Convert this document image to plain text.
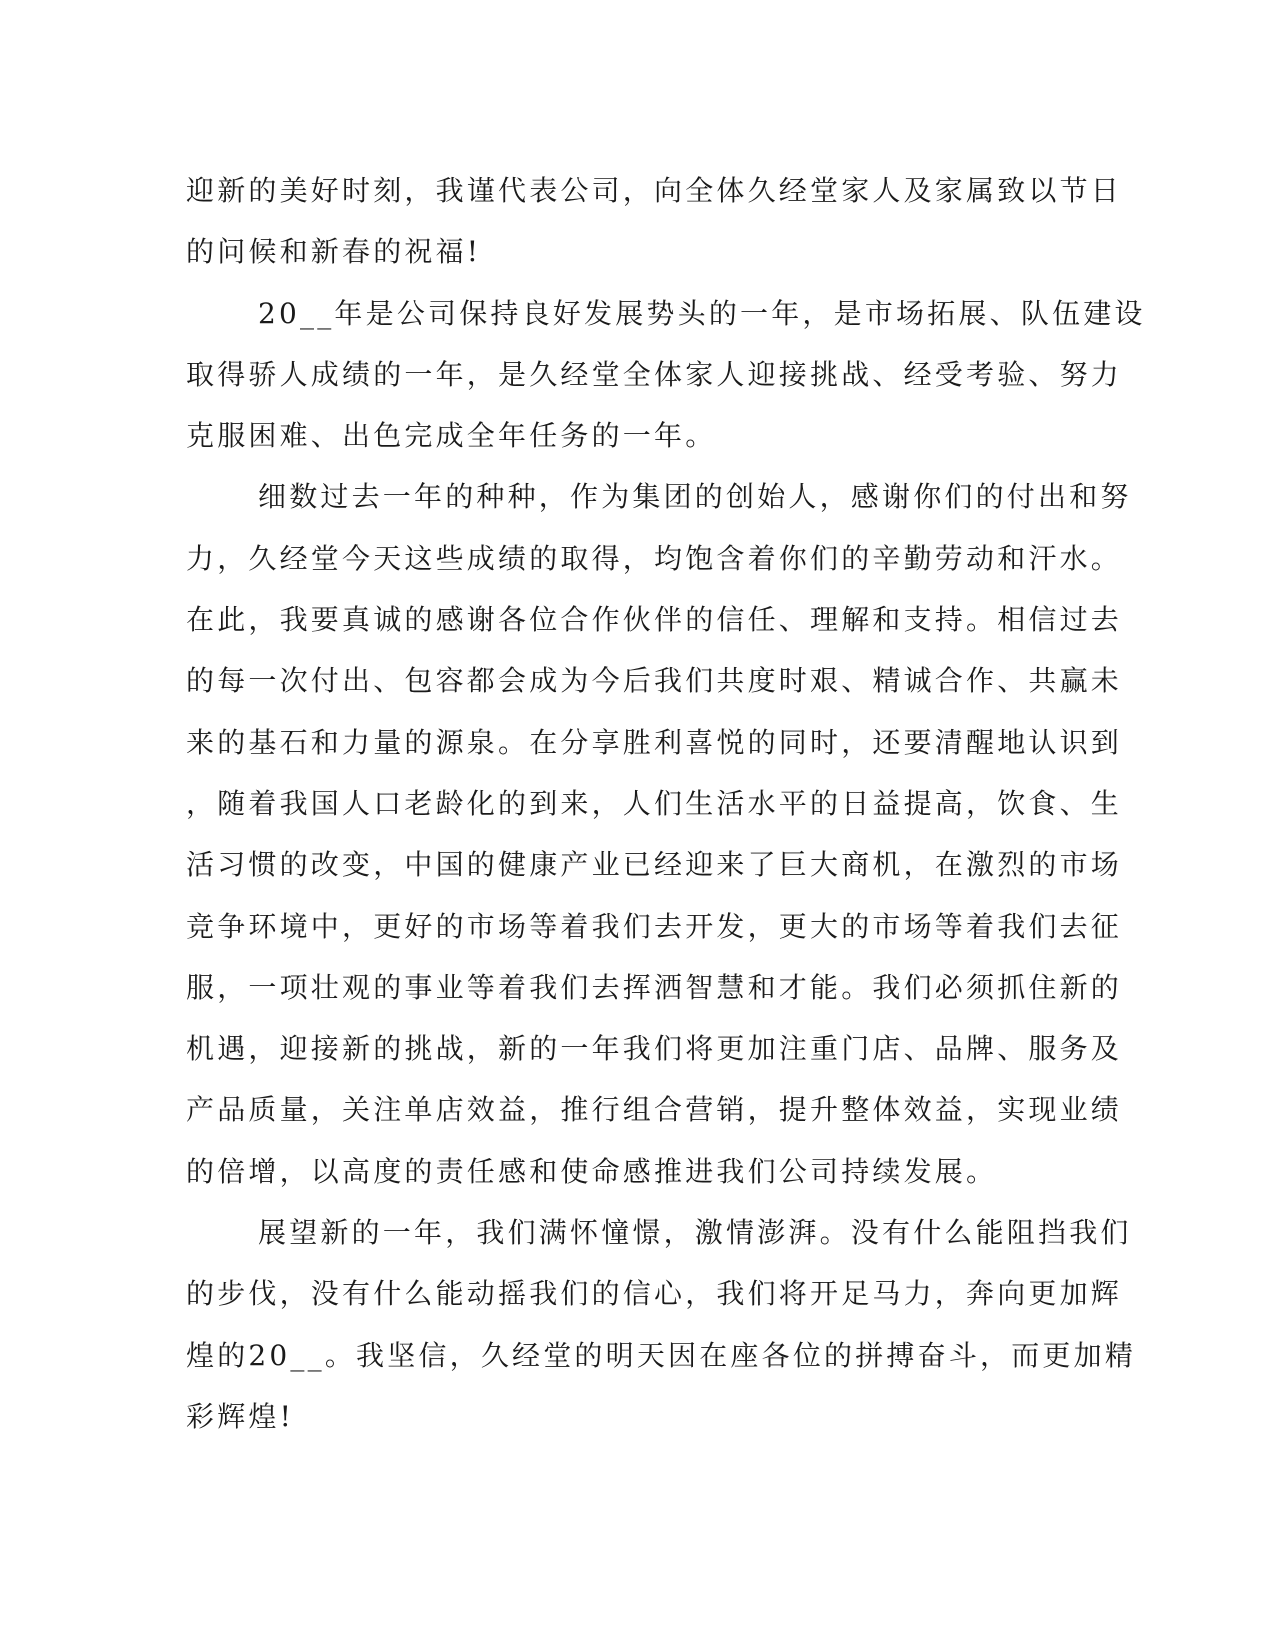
迎新的美好时刻，我谨代表公司，向全体久经堂家人及家属致以节日
的问候和新春的祝福!
20__年是公司保持良好发展势头的一年，是市场拓展、队伍建设
取得骄人成绩的一年，是久经堂全体家人迎接挑战、经受考验、努力
克服困难、出色完成全年任务的一年。
细数过去一年的种种，作为集团的创始人，感谢你们的付出和努
力，久经堂今天这些成绩的取得，均饱含着你们的辛勤劳动和汗水。
在此，我要真诚的感谢各位合作伙伴的信任、理解和支持。相信过去
的每一次付出、包容都会成为今后我们共度时艰、精诚合作、共赢未
来的基石和力量的源泉。在分享胜利喜悦的同时，还要清醒地认识到
，随着我国人口老龄化的到来，人们生活水平的日益提高，饮食、生
活习惯的改变，中国的健康产业已经迎来了巨大商机，在激烈的市场
竞争环境中，更好的市场等着我们去开发，更大的市场等着我们去征
服，一项壮观的事业等着我们去挥洒智慧和才能。我们必须抓住新的
机遇，迎接新的挑战，新的一年我们将更加注重门店、品牌、服务及
产品质量，关注单店效益，推行组合营销，提升整体效益，实现业绩
的倍增，以高度的责任感和使命感推进我们公司持续发展。
展望新的一年，我们满怀憧憬，激情澎湃。没有什么能阻挡我们
的步伐，没有什么能动摇我们的信心，我们将开足马力，奔向更加辉
煌的20__。我坚信，久经堂的明天因在座各位的拼搏奋斗，而更加精
彩辉煌!
